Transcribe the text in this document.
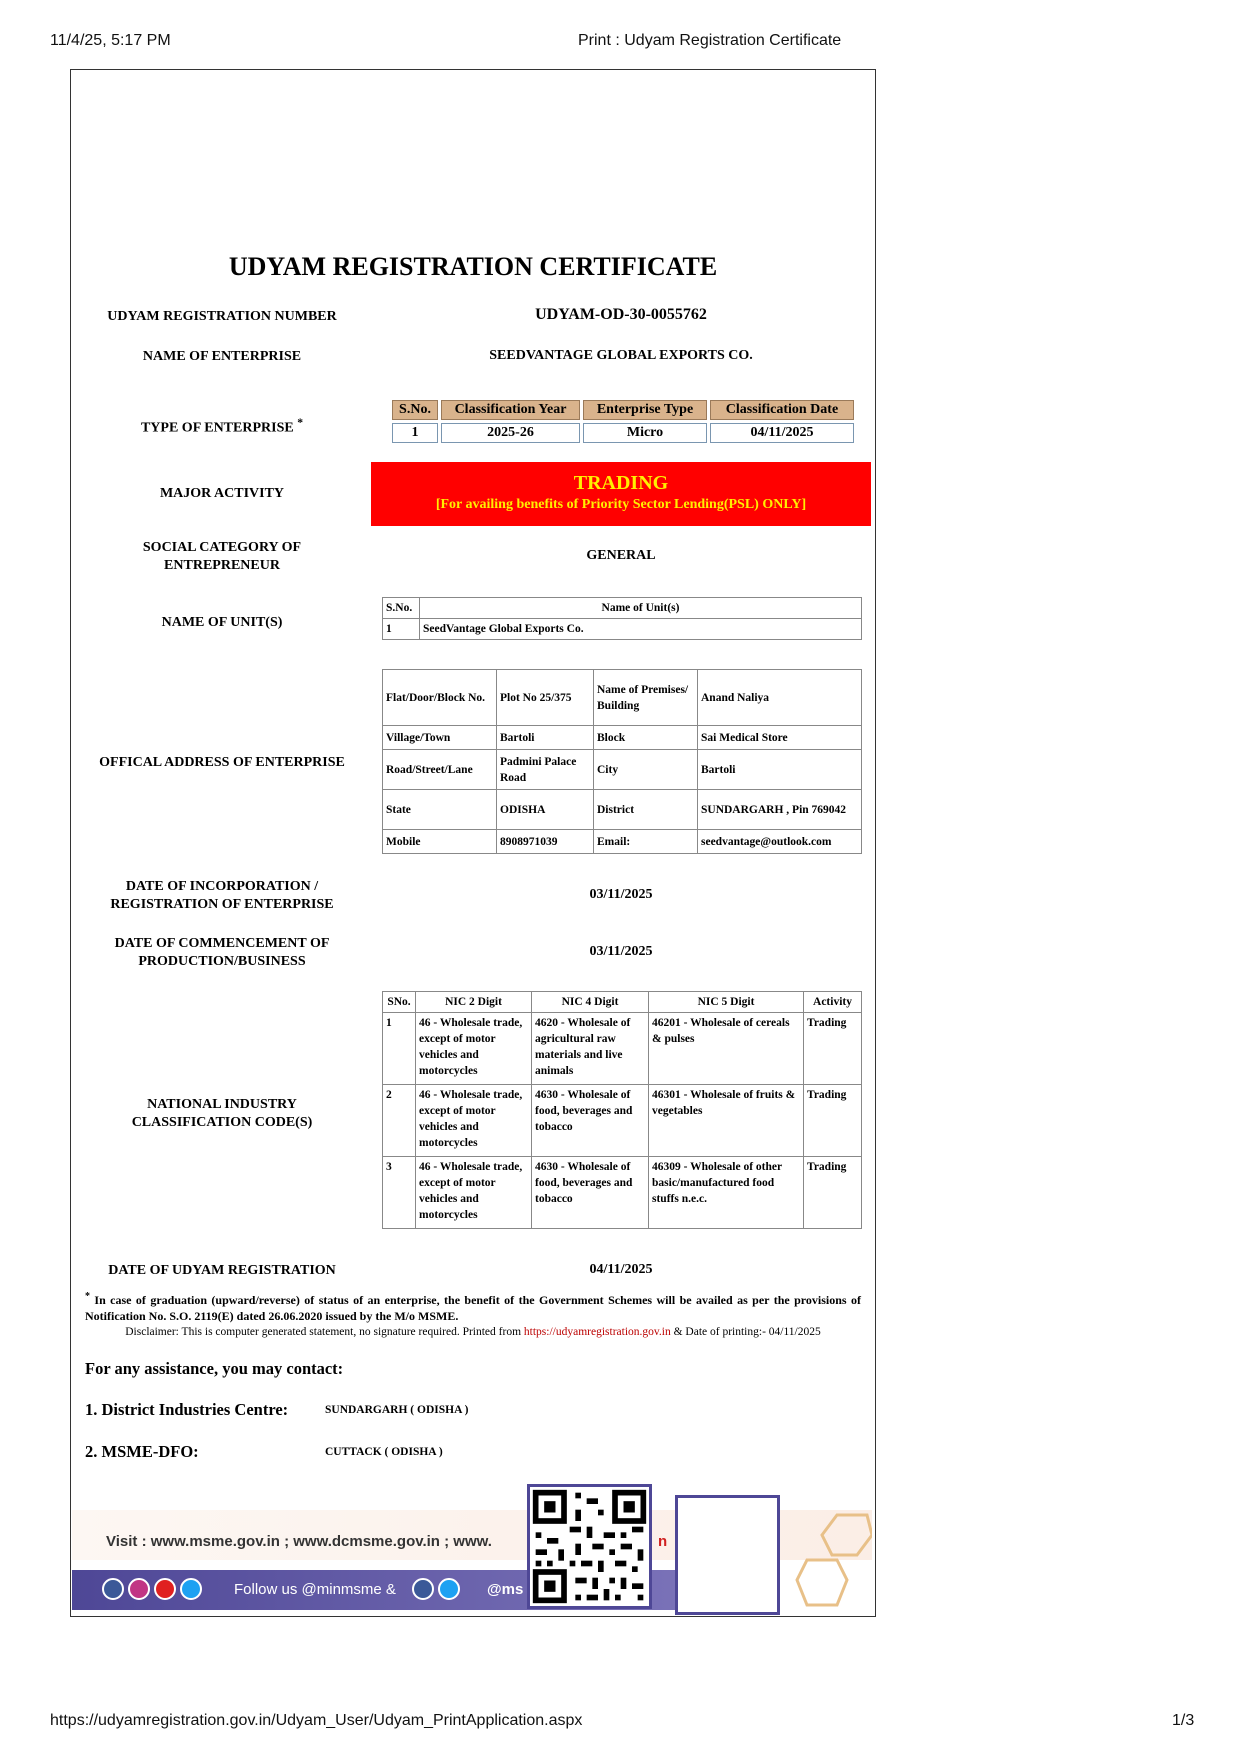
11/4/25, 5:17 PM	Print : Udyam Registration Certificate
UDYAM REGISTRATION CERTIFICATE
UDYAM REGISTRATION NUMBER	UDYAM-OD-30-0055762
NAME OF ENTERPRISE	SEEDVANTAGE GLOBAL EXPORTS CO.
TYPE OF ENTERPRISE *
S.No.	Classification Year	Enterprise Type	Classification Date
1	2025-26	Micro	04/11/2025
MAJOR ACTIVITY	TRADING
[For availing benefits of Priority Sector Lending(PSL) ONLY]
SOCIAL CATEGORY OF
ENTREPRENEUR
GENERAL
NAME OF UNIT(S)
S.No.	Name of Unit(s)
1	SeedVantage Global Exports Co.
OFFICAL ADDRESS OF ENTERPRISE
Flat/Door/Block No.	Plot No 25/375	Name of Premises/ Building	Anand Naliya
Village/Town	Bartoli	Block	Sai Medical Store
Road/Street/Lane	Padmini Palace Road	City	Bartoli
State	ODISHA	District	SUNDARGARH , Pin 769042
Mobile	8908971039	Email:	seedvantage@outlook.com
DATE OF INCORPORATION /
REGISTRATION OF ENTERPRISE
03/11/2025
DATE OF COMMENCEMENT OF
PRODUCTION/BUSINESS
03/11/2025
NATIONAL INDUSTRY
CLASSIFICATION CODE(S)
SNo.	NIC 2 Digit	NIC 4 Digit	NIC 5 Digit	Activity
1	46 - Wholesale trade, except of motor vehicles and motorcycles	4620 - Wholesale of agricultural raw materials and live animals	46201 - Wholesale of cereals & pulses	Trading
2	46 - Wholesale trade, except of motor vehicles and motorcycles	4630 - Wholesale of food, beverages and tobacco	46301 - Wholesale of fruits & vegetables	Trading
3	46 - Wholesale trade, except of motor vehicles and motorcycles	4630 - Wholesale of food, beverages and tobacco	46309 - Wholesale of other basic/manufactured food stuffs n.e.c.	Trading
DATE OF UDYAM REGISTRATION	04/11/2025
* In case of graduation (upward/reverse) of status of an enterprise, the benefit of the Government Schemes will be availed as per the provisions of Notification No. S.O. 2119(E) dated 26.06.2020 issued by the M/o MSME.
Disclaimer: This is computer generated statement, no signature required. Printed from https://udyamregistration.gov.in & Date of printing:- 04/11/2025
For any assistance, you may contact:
1. District Industries Centre:	SUNDARGARH ( ODISHA )
2. MSME-DFO:	CUTTACK ( ODISHA )
Visit : www.msme.gov.in ; www.dcmsme.gov.in ; www.	n

Follow us @minmsme &
	@ms
https://udyamregistration.gov.in/Udyam_User/Udyam_PrintApplication.aspx	1/3
